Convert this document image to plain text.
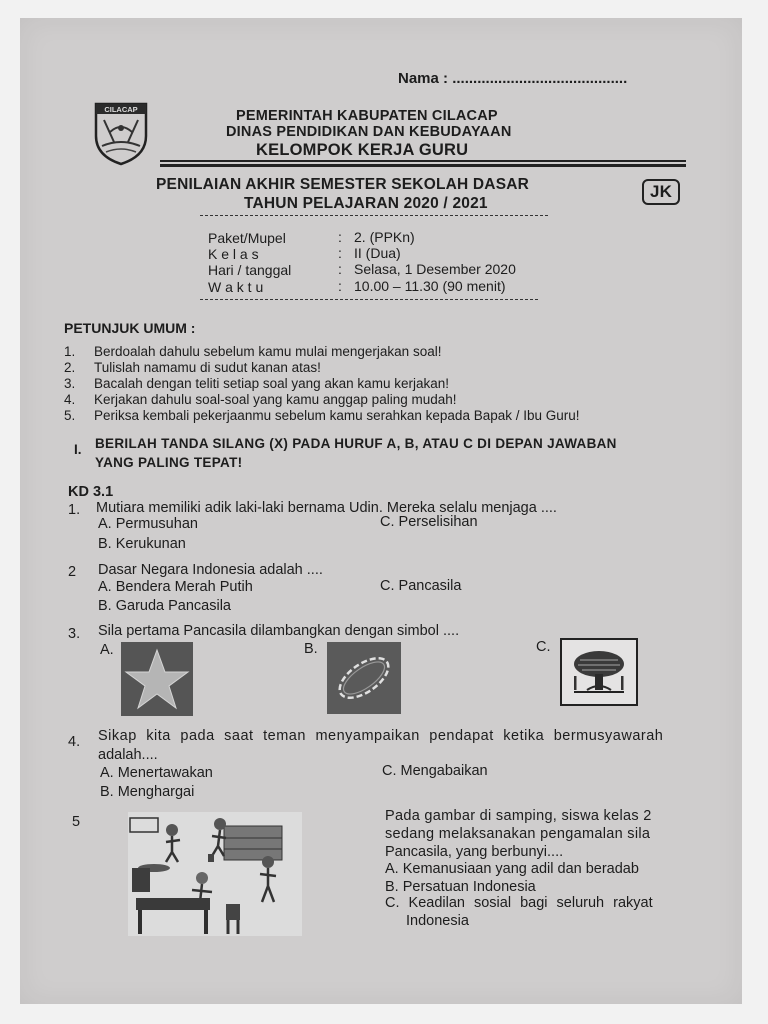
Nama : ..........................................
CILACAP	PEMERINTAH KABUPATEN CILACAP
DINAS PENDIDIKAN DAN KEBUDAYAAN
KELOMPOK KERJA GURU
PENILAIAN AKHIR SEMESTER SEKOLAH DASAR
TAHUN PELAJARAN 2020 / 2021
JK
Paket/Mupel	: 2. (PPKn)
K e l a s	: II (Dua)
Hari / tanggal	: Selasa, 1 Desember 2020
W a k t u	: 10.00 – 11.30 (90 menit)
PETUNJUK UMUM :
1. Berdoalah dahulu sebelum kamu mulai mengerjakan soal!
2. Tulislah namamu di sudut kanan atas!
3. Bacalah dengan teliti setiap soal yang akan kamu kerjakan!
4. Kerjakan dahulu soal-soal yang kamu anggap paling mudah!
5. Periksa kembali pekerjaanmu sebelum kamu serahkan kepada Bapak / Ibu Guru!
I. BERILAH TANDA SILANG (X) PADA HURUF A, B, ATAU C DI DEPAN JAWABAN
YANG PALING TEPAT!
KD 3.1
1. Mutiara memiliki adik laki-laki bernama Udin. Mereka selalu menjaga ....
A. Permusuhan	C. Perselisihan
B. Kerukunan
2 Dasar Negara Indonesia adalah ....
A. Bendera Merah Putih	C. Pancasila
B. Garuda Pancasila
3. Sila pertama Pancasila dilambangkan dengan simbol ....
A.	B.	C.
4. Sikap kita pada saat teman menyampaikan pendapat ketika bermusyawarah
adalah....
A. Menertawakan	C. Mengabaikan
B. Menghargai
5	Pada gambar di samping, siswa kelas 2
sedang melaksanakan pengamalan sila
Pancasila, yang berbunyi....
A. Kemanusiaan yang adil dan beradab
B. Persatuan Indonesia
C. Keadilan sosial bagi seluruh rakyat
Indonesia
